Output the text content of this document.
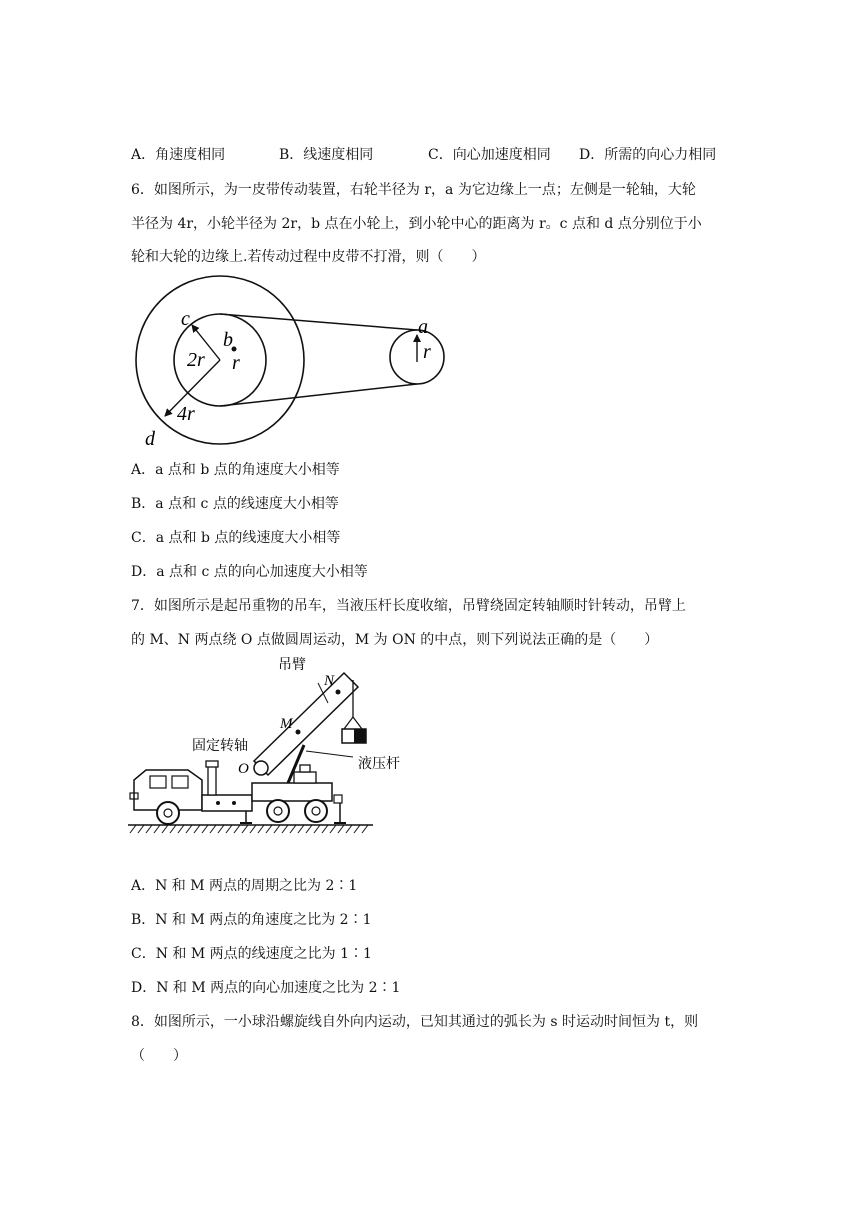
A．角速度相同	B．线速度相同	C．向心加速度相同 D．所需的向心力相同
6．如图所示，为一皮带传动装置，右轮半径为 r，a 为它边缘上一点；左侧是一轮轴，大轮
半径为 4r，小轮半径为 2r，b 点在小轮上，到小轮中心的距离为 r。c 点和 d 点分别位于小
轮和大轮的边缘上.若传动过程中皮带不打滑，则（　　）
c
b
2r r
4r
d
a
r
A．a 点和 b 点的角速度大小相等
B．a 点和 c 点的线速度大小相等
C．a 点和 b 点的线速度大小相等
D．a 点和 c 点的向心加速度大小相等
7．如图所示是起吊重物的吊车，当液压杆长度收缩，吊臂绕固定转轴顺时针转动，吊臂上
的 M、N 两点绕 O 点做圆周运动，M 为 ON 的中点，则下列说法正确的是（　　）
吊臂
N
M
固定转轴
O	液压杆
A．N 和 M 两点的周期之比为 2∶1
B．N 和 M 两点的角速度之比为 2∶1
C．N 和 M 两点的线速度之比为 1∶1
D．N 和 M 两点的向心加速度之比为 2∶1
8．如图所示，一小球沿螺旋线自外向内运动，已知其通过的弧长为 s 时运动时间恒为 t，则
（　　）
